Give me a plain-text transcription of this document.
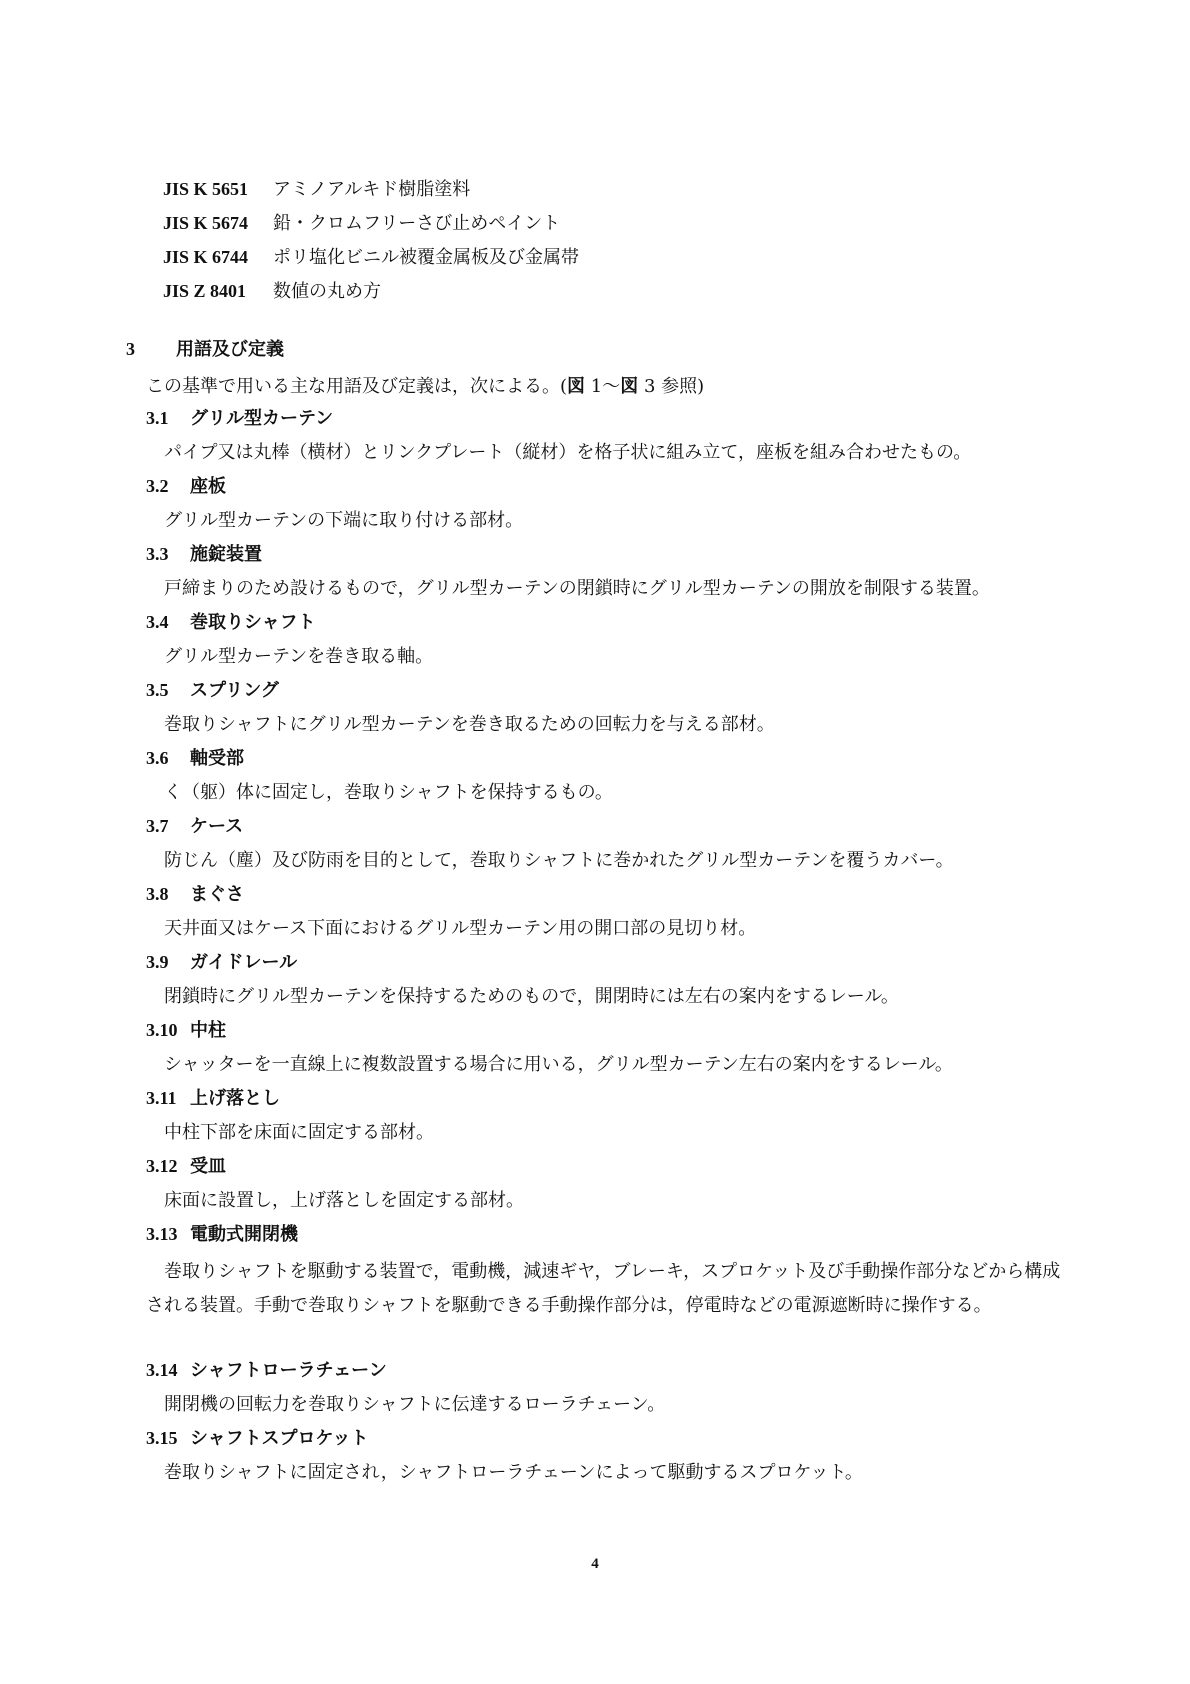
JIS K 5651 アミノアルキド樹脂塗料
JIS K 5674 鉛・クロムフリーさび止めペイント
JIS K 6744 ポリ塩化ビニル被覆金属板及び金属帯
JIS Z 8401 数値の丸め方
3 用語及び定義
この基準で用いる主な用語及び定義は，次による。(図 1～図 3 参照)
3.1 グリル型カーテン
パイプ又は丸棒（横材）とリンクプレート（縦材）を格子状に組み立て，座板を組み合わせたもの。
3.2 座板
グリル型カーテンの下端に取り付ける部材。
3.3 施錠装置
戸締まりのため設けるもので，グリル型カーテンの閉鎖時にグリル型カーテンの開放を制限する装置。
3.4 巻取りシャフト
グリル型カーテンを巻き取る軸。
3.5 スプリング
巻取りシャフトにグリル型カーテンを巻き取るための回転力を与える部材。
3.6 軸受部
く（躯）体に固定し，巻取りシャフトを保持するもの。
3.7 ケース
防じん（塵）及び防雨を目的として，巻取りシャフトに巻かれたグリル型カーテンを覆うカバー。
3.8 まぐさ
天井面又はケース下面におけるグリル型カーテン用の開口部の見切り材。
3.9 ガイドレール
閉鎖時にグリル型カーテンを保持するためのもので，開閉時には左右の案内をするレール。
3.10 中柱
シャッターを一直線上に複数設置する場合に用いる，グリル型カーテン左右の案内をするレール。
3.11 上げ落とし
中柱下部を床面に固定する部材。
3.12 受皿
床面に設置し，上げ落としを固定する部材。
3.13 電動式開閉機
巻取りシャフトを駆動する装置で，電動機，減速ギヤ，ブレーキ，スプロケット及び手動操作部分などから構成される装置。手動で巻取りシャフトを駆動できる手動操作部分は，停電時などの電源遮断時に操作する。
3.14 シャフトローラチェーン
開閉機の回転力を巻取りシャフトに伝達するローラチェーン。
3.15 シャフトスプロケット
巻取りシャフトに固定され，シャフトローラチェーンによって駆動するスプロケット。
4
